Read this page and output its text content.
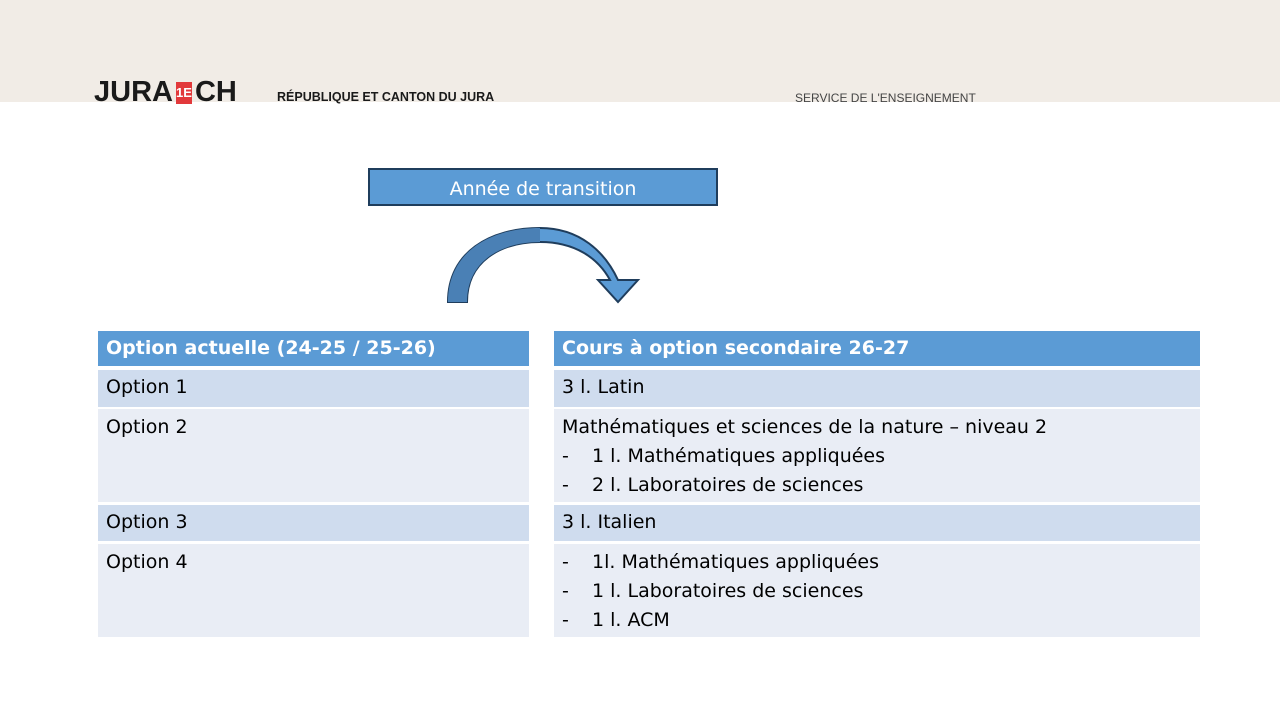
JURA 1E CH	RÉPUBLIQUE ET CANTON DU JURA	SERVICE DE L'ENSEIGNEMENT
Année de transition
Option actuelle (24-25 / 25-26)	Cours à option secondaire 26-27
Option 1	3 l. Latin
Option 2	Mathématiques et sciences de la nature – niveau 2
-	1 l. Mathématiques appliquées
-	2 l. Laboratoires de sciences
Option 3	3 l. Italien
Option 4	-	1l. Mathématiques appliquées
-	1 l. Laboratoires de sciences
-	1 l. ACM
